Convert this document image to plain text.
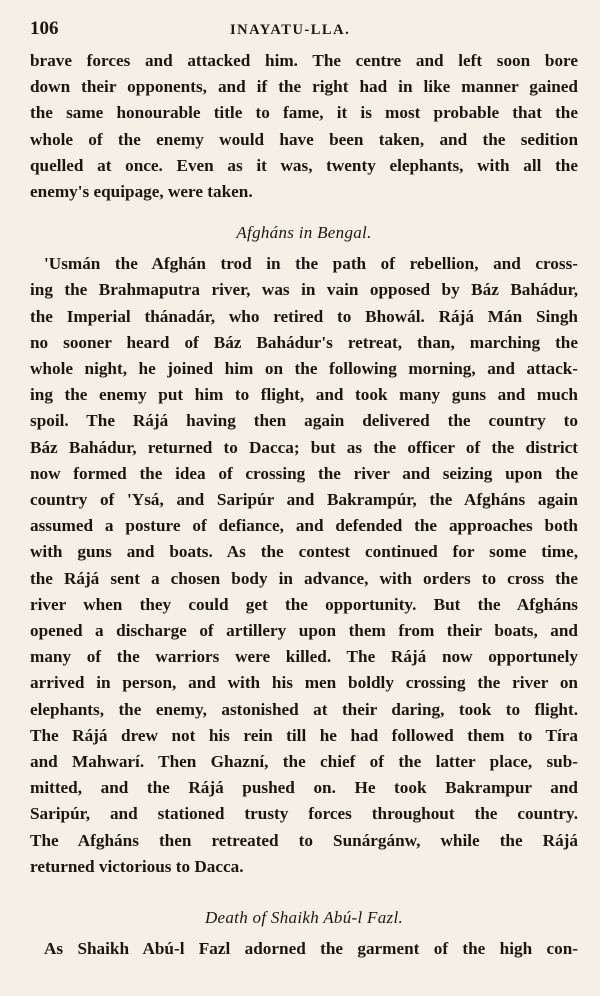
106	INAYATU-LLA.

brave forces and attacked him. The centre and left soon bore
down their opponents, and if the right had in like manner gained
the same honourable title to fame, it is most probable that the
whole of the enemy would have been taken, and the sedition
quelled at once. Even as it was, twenty elephants, with all the
enemy's equipage, were taken.

Afgháns in Bengal.

'Usmán the Afghán trod in the path of rebellion, and cross-
ing the Brahmaputra river, was in vain opposed by Báz Bahádur,
the Imperial thánadár, who retired to Bhowál. Rájá Mán Singh
no sooner heard of Báz Bahádur's retreat, than, marching the
whole night, he joined him on the following morning, and attack-
ing the enemy put him to flight, and took many guns and much
spoil. The Rájá having then again delivered the country to
Báz Bahádur, returned to Dacca; but as the officer of the district
now formed the idea of crossing the river and seizing upon the
country of 'Ysá, and Saripúr and Bakrampúr, the Afgháns again
assumed a posture of defiance, and defended the approaches both
with guns and boats. As the contest continued for some time,
the Rájá sent a chosen body in advance, with orders to cross the
river when they could get the opportunity. But the Afgháns
opened a discharge of artillery upon them from their boats, and
many of the warriors were killed. The Rájá now opportunely
arrived in person, and with his men boldly crossing the river on
elephants, the enemy, astonished at their daring, took to flight.
The Rájá drew not his rein till he had followed them to Tíra
and Mahwarí. Then Ghazní, the chief of the latter place, sub-
mitted, and the Rájá pushed on. He took Bakrampur and
Saripúr, and stationed trusty forces throughout the country.
The Afgháns then retreated to Sunárgánw, while the Rájá
returned victorious to Dacca.

Death of Shaikh Abú-l Fazl.

As Shaikh Abú-l Fazl adorned the garment of the high con-
